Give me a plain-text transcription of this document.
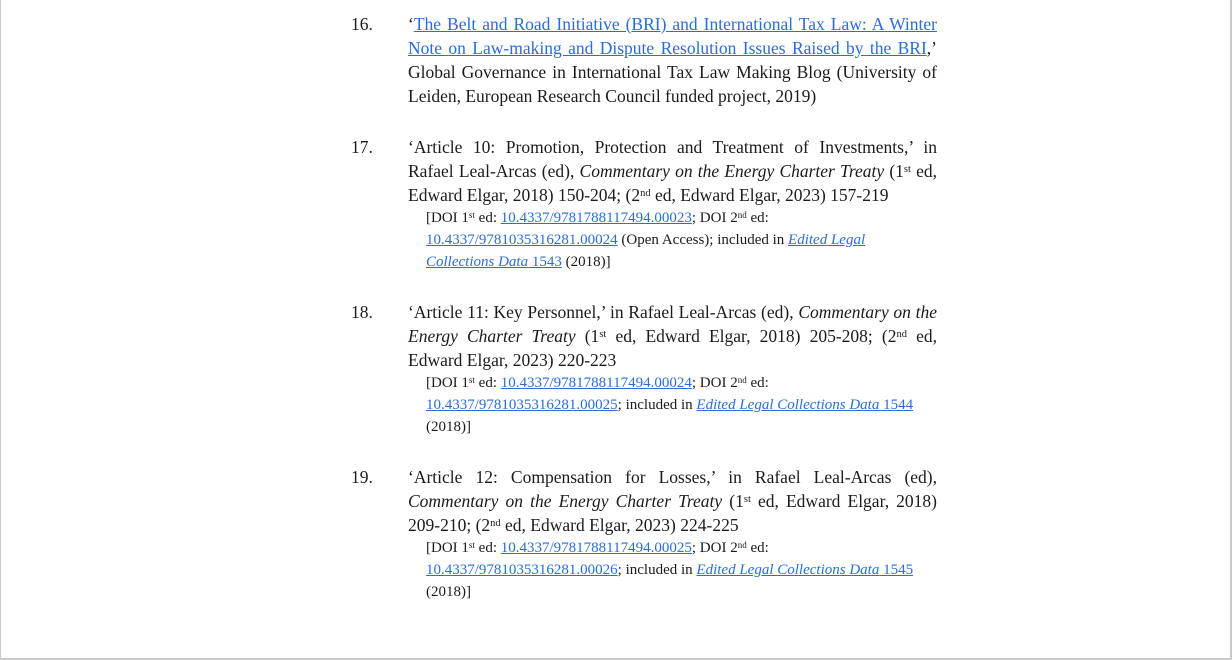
16.	‘The Belt and Road Initiative (BRI) and International Tax Law: A Winter Note on Law-making and Dispute Resolution Issues Raised by the BRI,’ Global Governance in International Tax Law Making Blog (University of Leiden, European Research Council funded project, 2019)

17.	‘Article 10: Promotion, Protection and Treatment of Investments,’ in Rafael Leal-Arcas (ed), Commentary on the Energy Charter Treaty (1st ed, Edward Elgar, 2018) 150-204; (2nd ed, Edward Elgar, 2023) 157-219

[DOI 1st ed: 10.4337/9781788117494.00023; DOI 2nd ed: 10.4337/9781035316281.00024 (Open Access); included in Edited Legal Collections Data 1543 (2018)]

18.	‘Article 11: Key Personnel,’ in Rafael Leal-Arcas (ed), Commentary on the Energy Charter Treaty (1st ed, Edward Elgar, 2018) 205-208; (2nd ed, Edward Elgar, 2023) 220-223

[DOI 1st ed: 10.4337/9781788117494.00024; DOI 2nd ed: 10.4337/9781035316281.00025; included in Edited Legal Collections Data 1544 (2018)]

19.	‘Article 12: Compensation for Losses,’ in Rafael Leal-Arcas (ed), Commentary on the Energy Charter Treaty (1st ed, Edward Elgar, 2018) 209-210; (2nd ed, Edward Elgar, 2023) 224-225

[DOI 1st ed: 10.4337/9781788117494.00025; DOI 2nd ed: 10.4337/9781035316281.00026; included in Edited Legal Collections Data 1545 (2018)]
